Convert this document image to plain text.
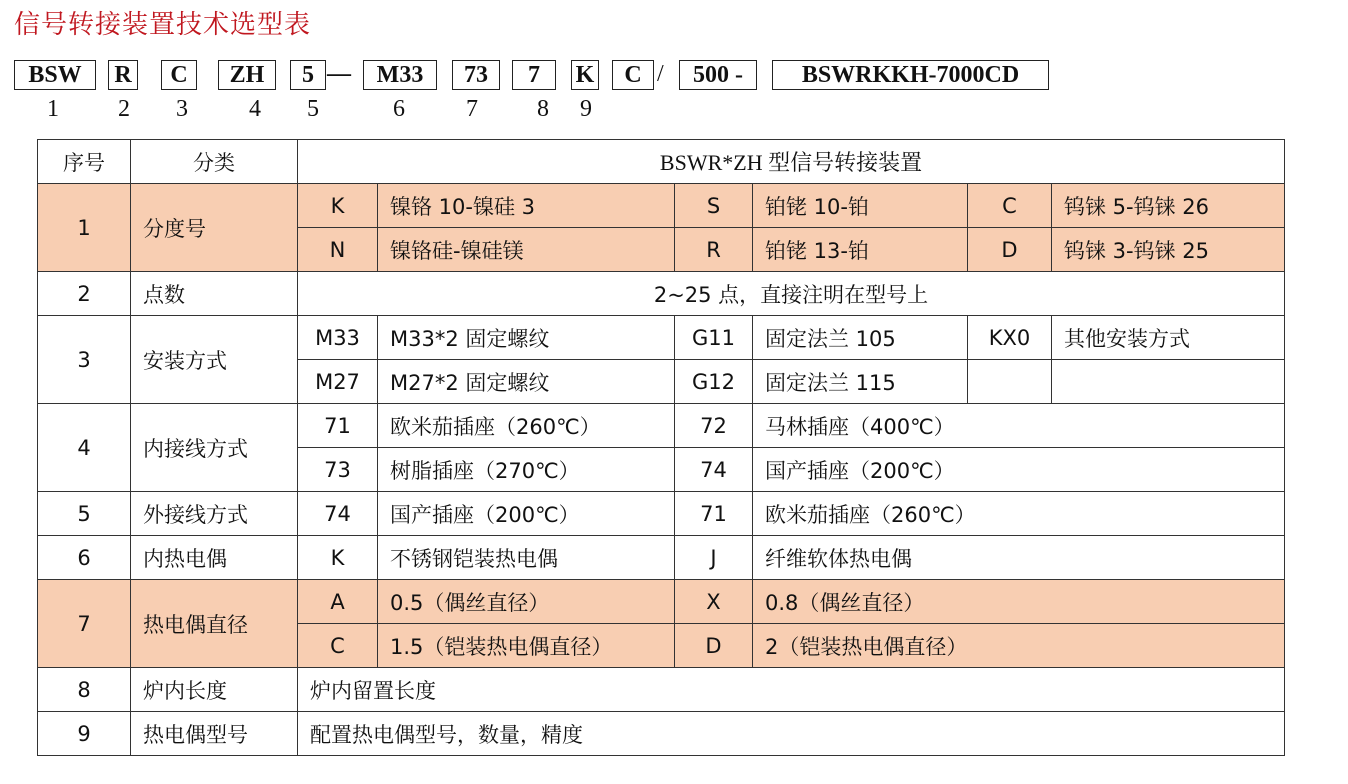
信号转接装置技术选型表
BSW	R	C	ZH	5 —	M33	73	7	K	C /	500 -	BSWRKKH-7000CD
1 2 3	4 5	6	7 8 9
序号	分类	BSWR*ZH 型信号转接装置					
1	分度号	K	镍铬 10-镍硅 3	S	铂铑 10-铂	C	钨铼 5-钨铼 26
		N	镍铬硅-镍硅镁	R	铂铑 13-铂	D	钨铼 3-钨铼 25
2	点数	2~25 点，直接注明在型号上					
3	安装方式	M33	M33*2 固定螺纹	G11	固定法兰 105	KX0	其他安装方式
		M27	M27*2 固定螺纹	G12	固定法兰 115		
4	内接线方式	71	欧米茄插座（260℃）	72	马林插座（400℃）		
		73	树脂插座（270℃）	74	国产插座（200℃）		
5	外接线方式	74	国产插座（200℃）	71	欧米茄插座（260℃）		
6	内热电偶	K	不锈钢铠装热电偶	J	纤维软体热电偶		
7	热电偶直径	A	0.5（偶丝直径）	X	0.8（偶丝直径）		
		C	1.5（铠装热电偶直径）	D	2（铠装热电偶直径）		
8	炉内长度	炉内留置长度					
9	热电偶型号	配置热电偶型号，数量，精度					
